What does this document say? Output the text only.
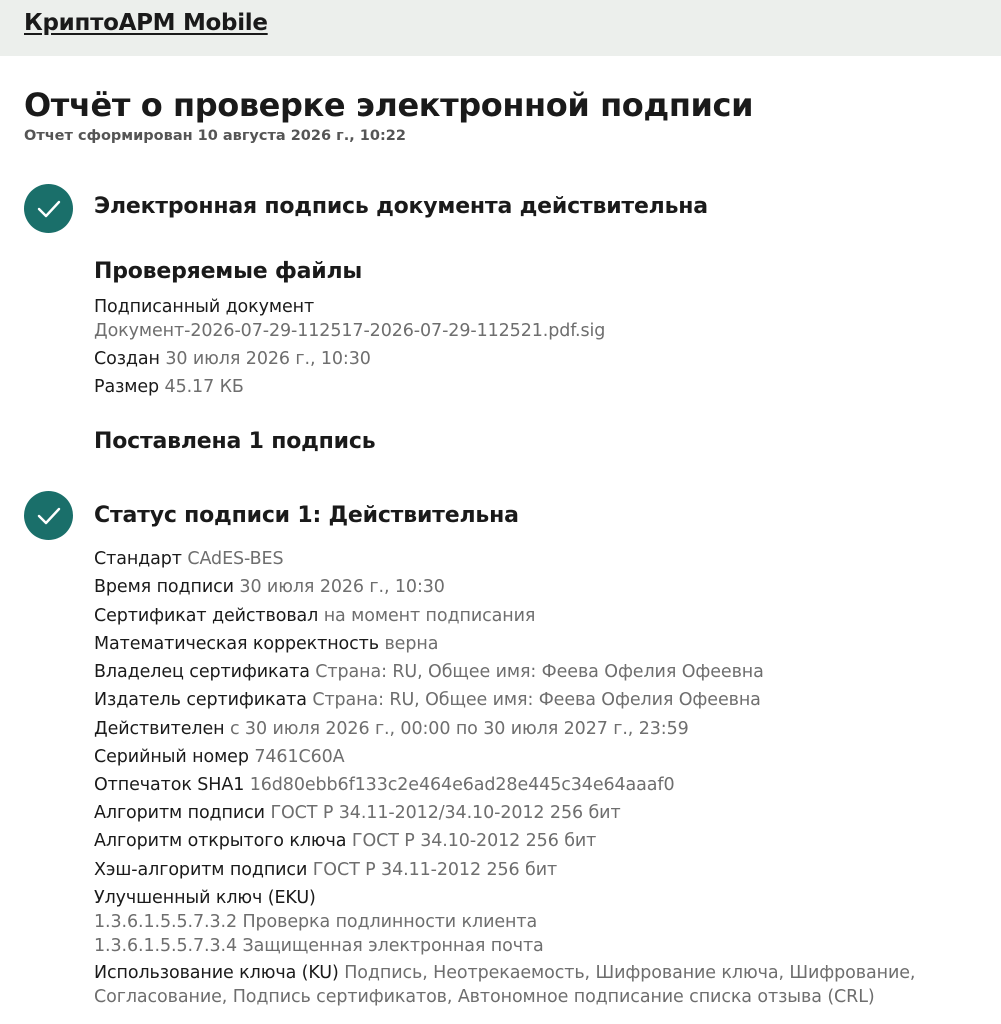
КриптоАРМ Mobile
Отчёт о проверке электронной подписи
Отчет сформирован 10 августа 2026 г., 10:22
Электронная подпись документа действительна
Проверяемые файлы
Подписанный документ
Документ-2026-07-29-112517-2026-07-29-112521.pdf.sig
Создан 30 июля 2026 г., 10:30
Размер 45.17 КБ
Поставлена 1 подпись
Статус подписи 1: Действительна
Стандарт CAdES-BES
Время подписи 30 июля 2026 г., 10:30
Сертификат действовал на момент подписания
Математическая корректность верна
Владелец сертификата Страна: RU, Общее имя: Феева Офелия Офеевна
Издатель сертификата Страна: RU, Общее имя: Феева Офелия Офеевна
Действителен с 30 июля 2026 г., 00:00 по 30 июля 2027 г., 23:59
Серийный номер 7461C60A
Отпечаток SHA1 16d80ebb6f133c2e464e6ad28e445c34e64aaaf0
Алгоритм подписи ГОСТ Р 34.11-2012/34.10-2012 256 бит
Алгоритм открытого ключа ГОСТ Р 34.10-2012 256 бит
Хэш-алгоритм подписи ГОСТ Р 34.11-2012 256 бит
Улучшенный ключ (EKU)
1.3.6.1.5.5.7.3.2 Проверка подлинности клиента
1.3.6.1.5.5.7.3.4 Защищенная электронная почта
Использование ключа (KU) Подпись, Неотрекаемость, Шифрование ключа, Шифрование,
Согласование, Подпись сертификатов, Автономное подписание списка отзыва (CRL)
